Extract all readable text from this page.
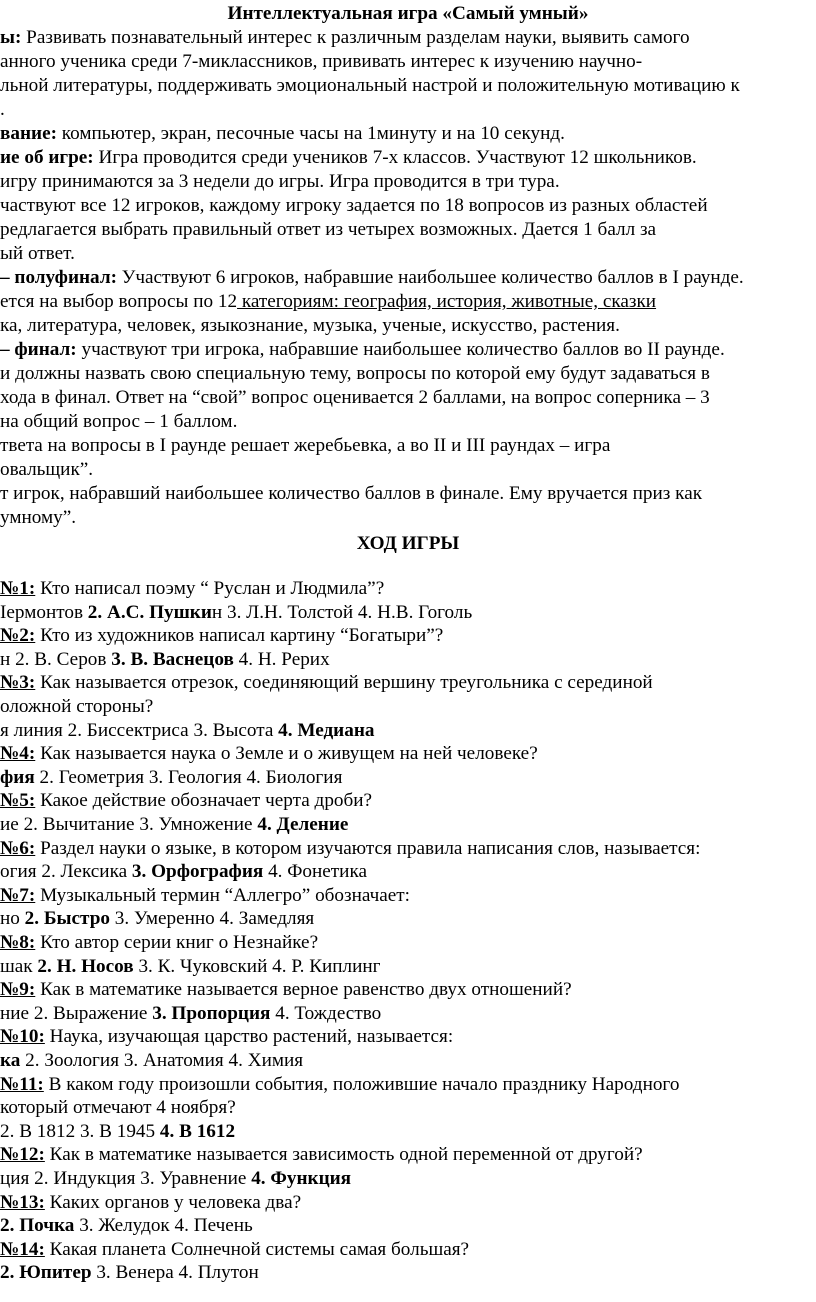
Интеллектуальная игра «Самый умный»
ы: Развивать познавательный интерес к различным разделам науки, выявить самого
анного ученика среди 7-миклассников, прививать интерес к изучению научно-
льной литературы, поддерживать эмоциональный настрой и положительную мотивацию к
.
вание: компьютер, экран, песочные часы на 1минуту и на 10 секунд.
ие об игре: Игра проводится среди учеников 7-х классов. Участвуют 12 школьников.
игру принимаются за 3 недели до игры. Игра проводится в три тура.
частвуют все 12 игроков, каждому игроку задается по 18 вопросов из разных областей
редлагается выбрать правильный ответ из четырех возможных. Дается 1 балл за
ый ответ.
– полуфинал: Участвуют 6 игроков, набравшие наибольшее количество баллов в I раунде.
ется на выбор вопросы по 12 категориям: география, история, животные, сказки
ка, литература, человек, языкознание, музыка, ученые, искусство, растения.
– финал: участвуют три игрока, набравшие наибольшее количество баллов во II раунде.
и должны назвать свою специальную тему, вопросы по которой ему будут задаваться в
хода в финал. Ответ на “свой” вопрос оценивается 2 баллами, на вопрос соперника – 3
на общий вопрос – 1 баллом.
тветa на вопросы в I раунде решает жеребьевка, а во II и III раундах – игра
овальщик”.
т игрок, набравший наибольшее количество баллов в финале. Ему вручается приз как
умному”.
ХОД ИГРЫ
№1: Кто написал поэму “ Руслан и Людмила”?
Iермонтов 2. А.С. Пушкин 3. Л.Н. Толстой 4. Н.В. Гоголь
№2: Кто из художников написал картину “Богатыри”?
н 2. В. Серов 3. В. Васнецов 4. Н. Рерих
№3: Как называется отрезок, соединяющий вершину треугольника с серединой
оложной стороны?
я линия 2. Биссектриса 3. Высота 4. Медиана
№4: Как называется наука о Земле и о живущем на ней человеке?
фия 2. Геометрия 3. Геология 4. Биология
№5: Какое действие обозначает черта дроби?
ие 2. Вычитание 3. Умножение 4. Деление
№6: Раздел науки о языке, в котором изучаются правила написания слов, называется:
огия 2. Лексика 3. Орфография 4. Фонетика
№7: Музыкальный термин “Аллегро” обозначает:
но 2. Быстро 3. Умеренно 4. Замедляя
№8: Кто автор серии книг о Незнайке?
шак 2. Н. Носов 3. К. Чуковский 4. Р. Киплинг
№9: Как в математике называется верное равенство двух отношений?
ние 2. Выражение 3. Пропорция 4. Тождество
№10: Наука, изучающая царство растений, называется:
ка 2. Зоология 3. Анатомия 4. Химия
№11: В каком году произошли события, положившие начало празднику Народного
который отмечают 4 ноября?
2. В 1812 3. В 1945 4. В 1612
№12: Как в математике называется зависимость одной переменной от другой?
ция 2. Индукция 3. Уравнение 4. Функция
№13: Каких органов у человека два?
2. Почка 3. Желудок 4. Печень
№14: Какая планета Солнечной системы самая большая?
2. Юпитер 3. Венера 4. Плутон
